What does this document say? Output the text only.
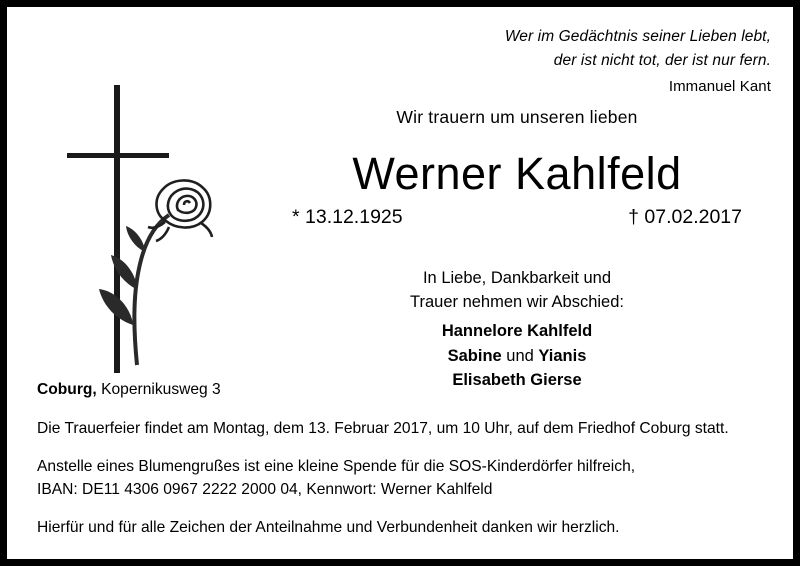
Wer im Gedächtnis seiner Lieben lebt,
der ist nicht tot, der ist nur fern.
Immanuel Kant
Wir trauern um unseren lieben
Werner Kahlfeld
* 13.12.1925	† 07.02.2017
In Liebe, Dankbarkeit und
Trauer nehmen wir Abschied:
Hannelore Kahlfeld
Sabine und Yianis
Elisabeth Gierse
Coburg, Kopernikusweg 3

Die Trauerfeier findet am Montag, dem 13. Februar 2017, um 10 Uhr, auf dem Friedhof Coburg statt.

Anstelle eines Blumengrußes ist eine kleine Spende für die SOS-Kinderdörfer hilfreich,
IBAN: DE11 4306 0967 2222 2000 04, Kennwort: Werner Kahlfeld

Hierfür und für alle Zeichen der Anteilnahme und Verbundenheit danken wir herzlich.
